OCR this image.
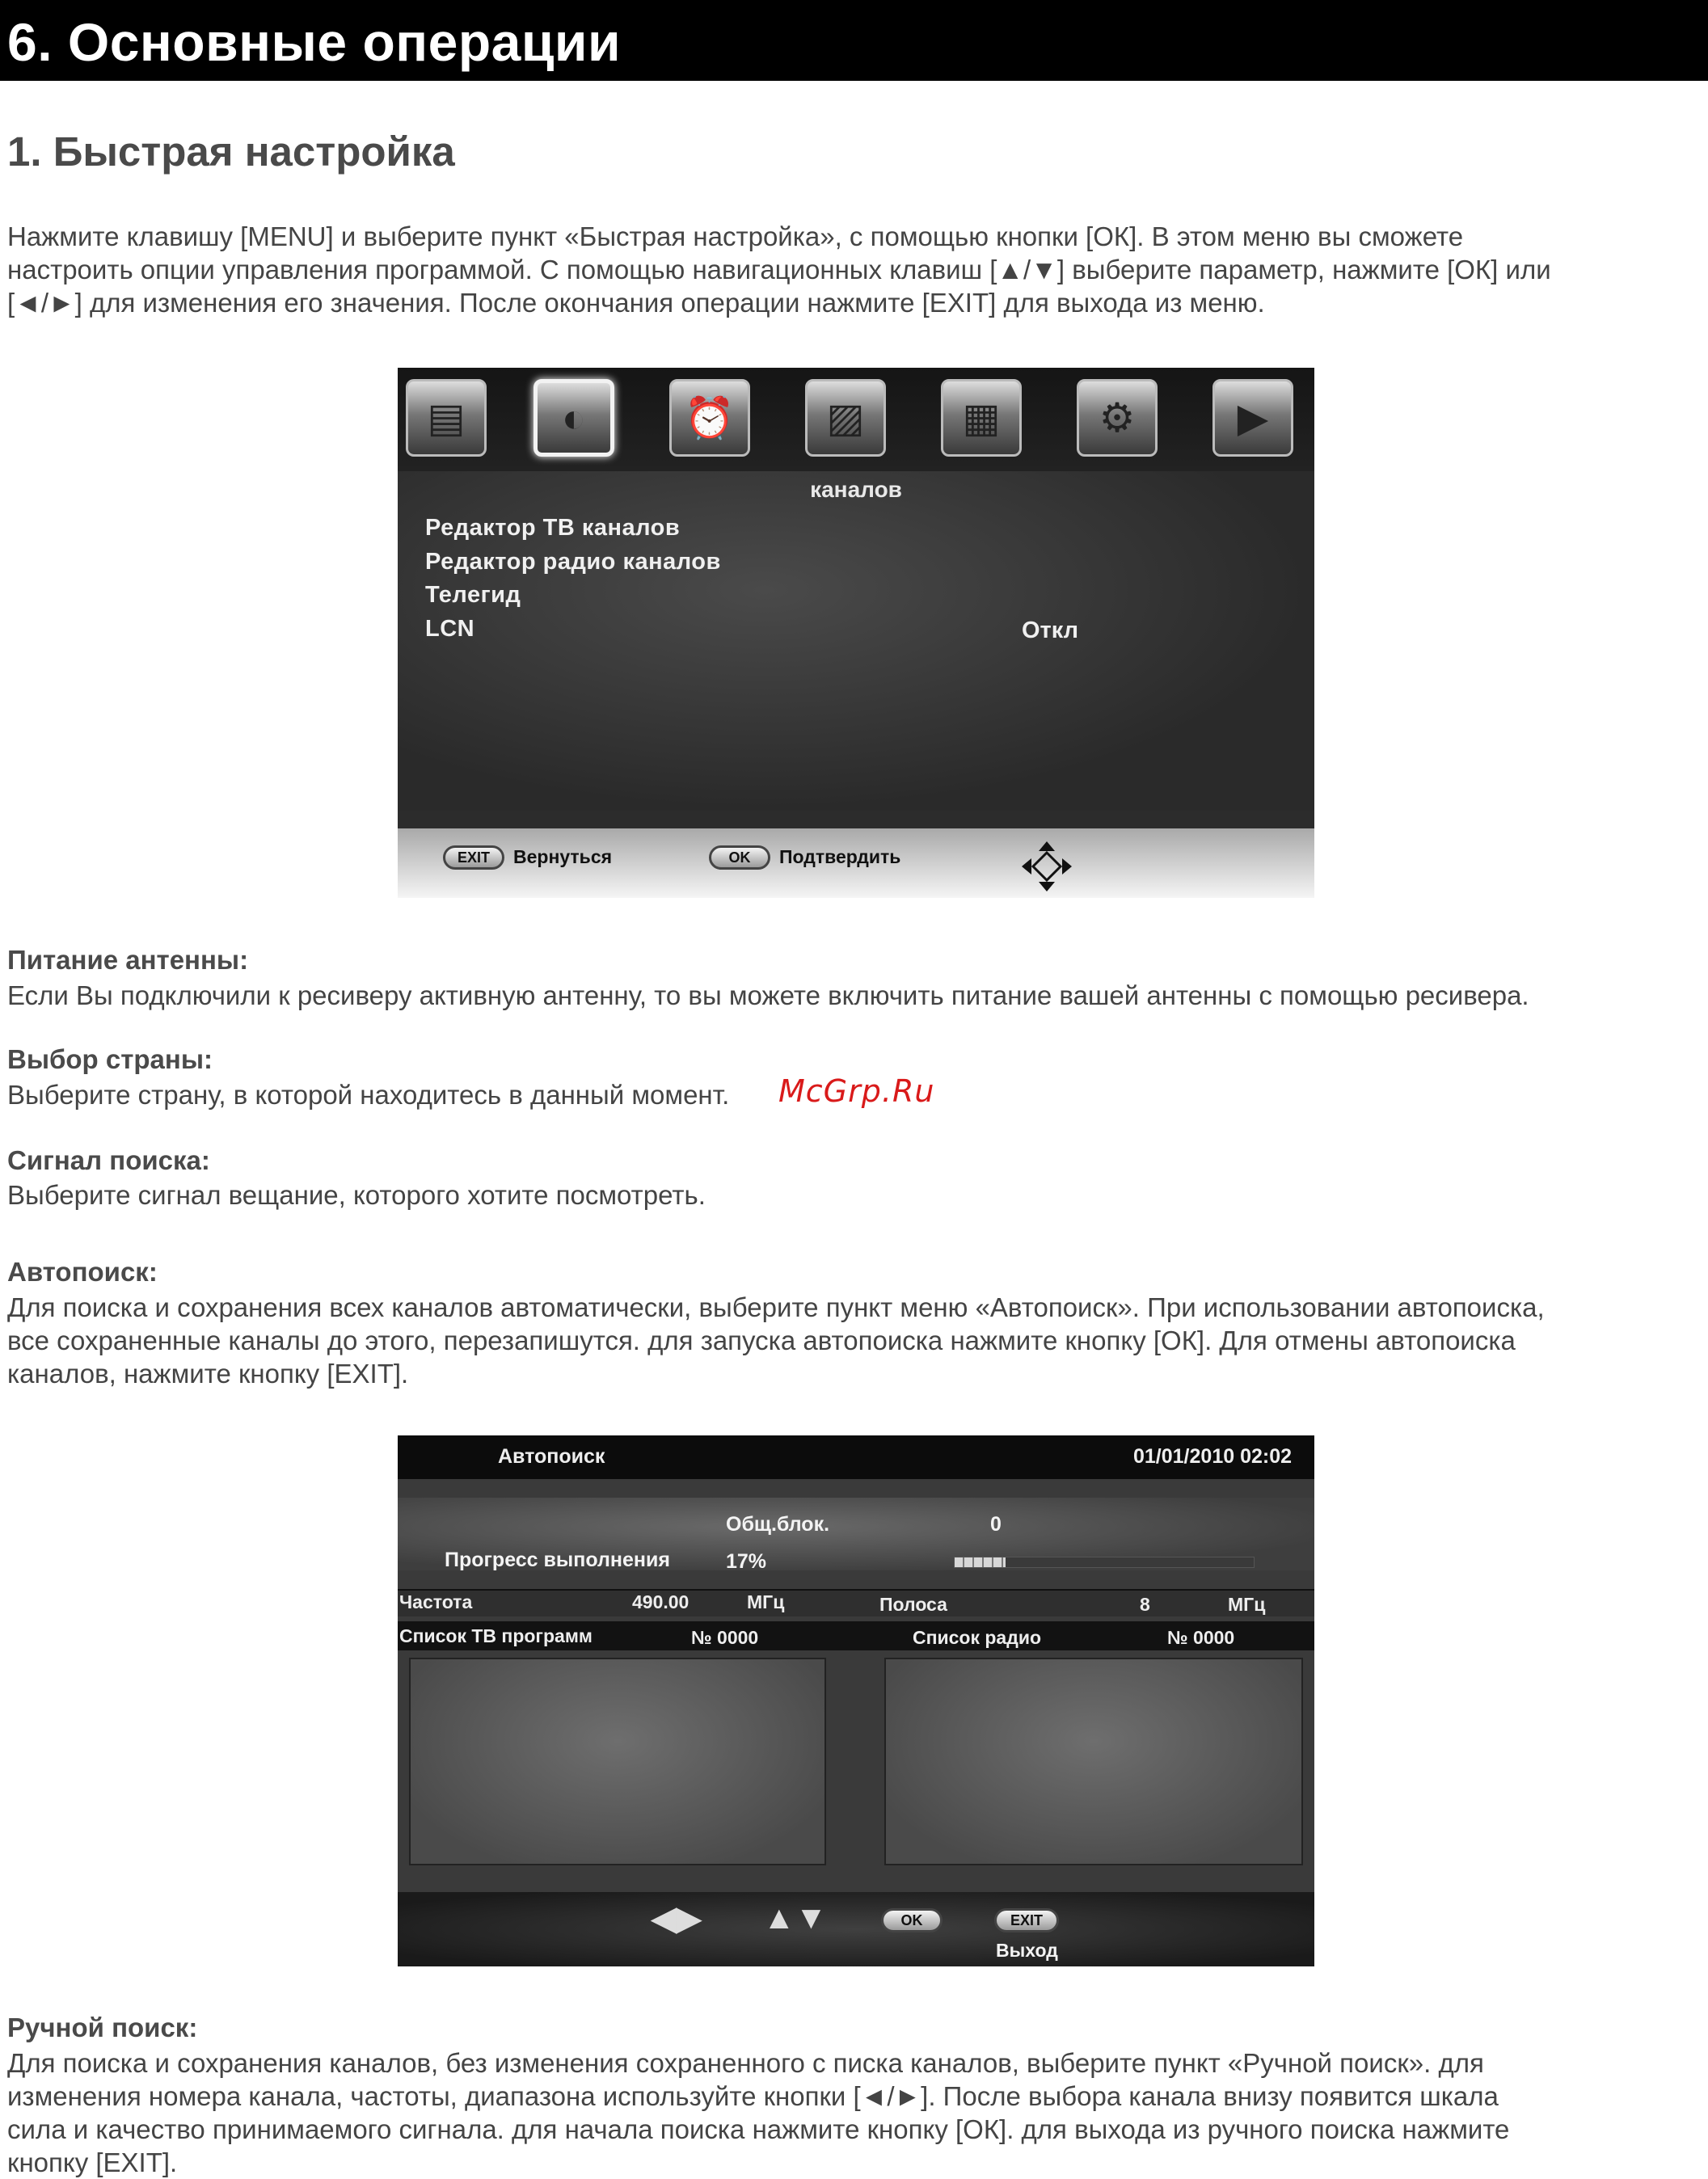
6. Основные операции
1. Быстрая настройка
Нажмите клавишу [MENU] и выберите пункт «Быстрая настройка», с помощью кнопки [ОК]. В этом меню вы сможете
настроить опции управления программой. С помощью навигационных клавиш [▲/▼] выберите параметр, нажмите [ОК] или
[◄/►] для изменения его значения. После окончания операции нажмите [EXIT] для выхода из меню.
▤	◐	⏰	▨	▦	⚙	▶
каналов
Редактор ТВ каналов
Редактор радио каналов
Телегид
LCN	Откл
EXIT	Вернуться	OK	Подтвердить
Питание антенны:
Если Вы подключили к ресиверу активную антенну, то вы можете включить питание вашей антенны с помощью ресивера.
Выбор страны:
Выберите страну, в которой находитесь в данный момент.
Сигнал поиска:
Выберите сигнал вещание, которого хотите посмотреть.
Автопоиск:
Для поиска и сохранения всех каналов автоматически, выберите пункт меню «Автопоиск». При использовании автопоиска,
все сохраненные каналы до этого, перезапишутся. для запуска автопоиска нажмите кнопку [ОК]. Для отмены автопоиска
каналов, нажмите кнопку [EXIT].
Автопоиск	01/01/2010 02:02
Общ.блок.	0
Прогресс выполнения	17%
Частота	490.00	МГц	Полоса	8	МГц
Список ТВ программ	№ 0000	Список радио	№ 0000
◀▶ ▲▼	OK	EXIT
Выход
Ручной поиск:
Для поиска и сохранения каналов, без изменения сохраненного с писка каналов, выберите пункт «Ручной поиск». для
изменения номера канала, частоты, диапазона используйте кнопки [◄/►]. После выбора канала внизу появится шкала
сила и качество принимаемого сигнала. для начала поиска нажмите кнопку [ОК]. для выхода из ручного поиска нажмите
кнопку [EXIT].
McGrp.Ru
